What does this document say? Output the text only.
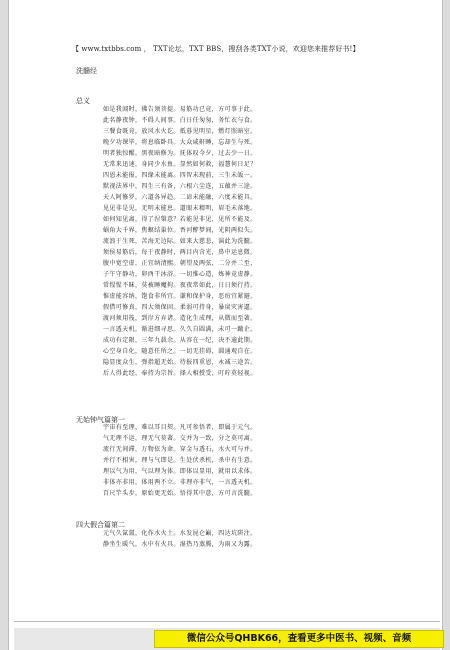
【 www.txtbbs.com ， TXT论坛，TXT BBS，搜刮各类TXT小说，欢迎您来推荐好书!】
洗髓经
总义
如是我闻时，佛告须菩提。易筋功已竟，方可事于此。
此名静夜钟，不碍人间事。白日任匆匆，务忙衣与食。
三餐食既竟，放风水火讫。抵暮见明星，燃灯照暗室。
晚夕功课毕，将息临卧具。大众咸鼾睡，忘却生与死。
明者独惊醒，黑夜暗修为。抚体叹今夕，过去少一日。
无常来迅速，身同少水鱼。显然如何救，福慧何日足？
四恩未能报，四缘未能离。四智未现前，三生未皈一。
默视法界中，四生三有备，六根六尘连，五蕴并三途。
天人阿修罗，六道各异趋。二谛未能融，六度未能具。
见见非是见，无明未能息。道眼未精明，眉毛未落地。
如何知见离，得了涅槃意？若能见非见，见所不能及。
蜗角大千界，焦螟结巢位。香河醉梦间，光阴两似失。
流浪于生死，苦海无边际。如来大慈悲，演此为洗髓。
须侯易筋后，每于夜静时，两目内含光，鼻中运息微。
腹中宽空虚，正宜纳清熙。朝望及两弦，二分并二至，
子午守静功，卯酉干沐浴。一切惟心造，炼神竟虚静。
常惺惺不昧，莫被睡魔拘。夜夜常如此，日日须行持。
惟虚能容纳，饱食非所宜。谦和保护身，恶疠宜紧避。
假借可修真，四大须保固。柔弱可持身，暴戾灾害逼。
渡河须用筏，到岸方弃诸。造化生成理，从微而至著。
一言透天机，渐进细寻思。久久自圆满，未可一蹴企。
成功有定限，三年九载余。从容在一纪，决不逾此期。
心空身自化，随意任所之。一切无挂碍，圆通观自在。
隐显度众生，弹指超无始。待报四重恩，永减三途苦。
后人得此经，奉持为宗旨。择人相授受，叮咛莫轻视。
无始钟气篇第一
宇宙有至理，难以耳目契。凡可参悟者，即属于元气。
气无理不运，理无气莫著。交并为一致，分之莫可离。
流行无间滞，万物依为命。穿金与透石，水火可与并。
并行不相害，理与气即是。生处伏杀机，杀中有生意。
理以气为用，气以理为体。即体以显用，就用以求体。
非体亦非用，体用两不立。非理亦非气，一言透天机。
百尺竿头步，原始更无始。悟得其中意，方可言洗髓。
四大假合篇第二
元气久氤氲，化作水火土。水发昆仑巅，四达坑阱注。
静坐生暖气，水中有火具。湿热乃蒸腾，为雨又为露。
微信公众号QHBK66，查看更多中医书、视频、音频
